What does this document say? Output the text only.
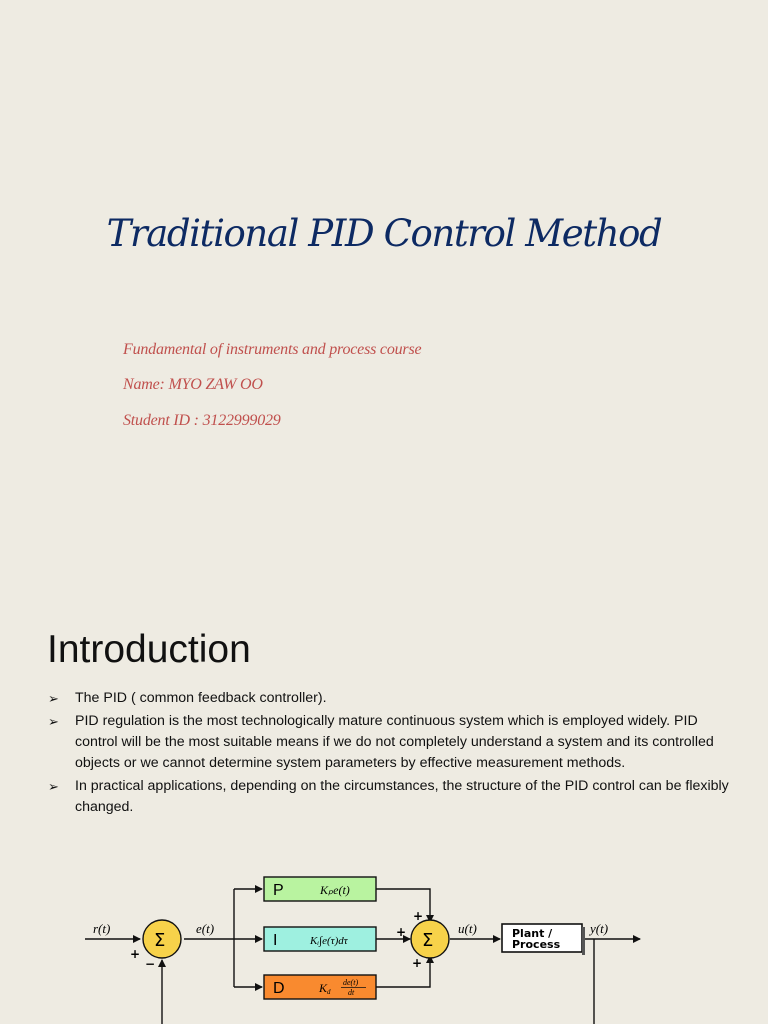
Traditional PID Control Method

Fundamental of instruments and process course

Name: MYO ZAW OO

Student ID : 3122999029

Introduction
➢ The PID ( common feedback controller).
➢ PID regulation is the most technologically mature continuous system which is employed widely. PID control will be the most suitable means if we do not completely understand a system and its controlled objects or we cannot determine system parameters by effective measurement methods.
➢ In practical applications, depending on the circumstances, the structure of the PID control can be flexibly changed.
P	Kₚe(t)
I	Kᵢ∫e(τ)dτ
D	K d
de(t)
dt
Σ
+
−
Σ
+
+
+
Plant /
Process
r(t)	e(t)	u(t)	y(t)
